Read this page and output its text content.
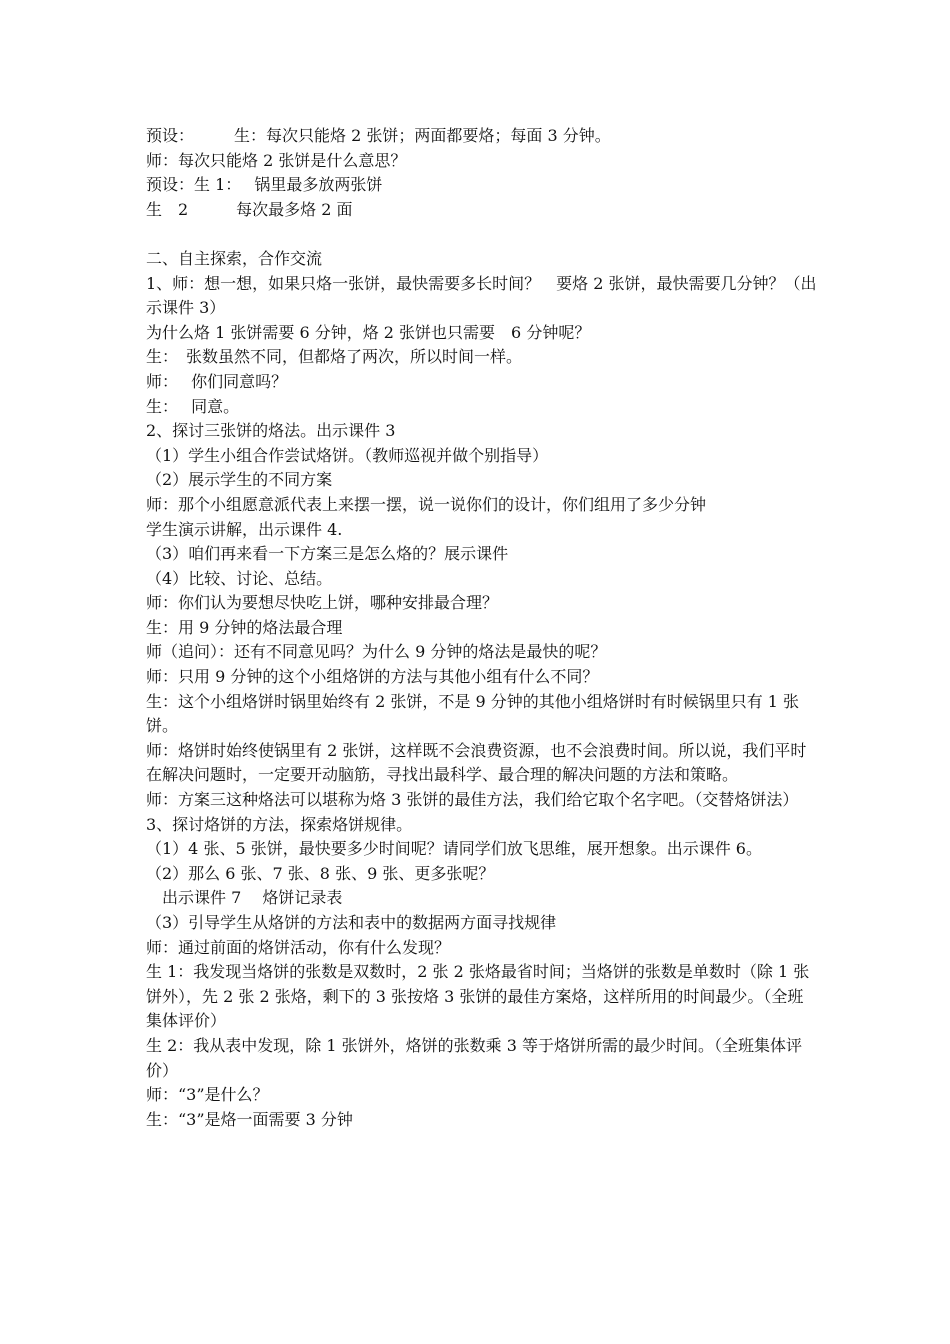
预设：　　　生：每次只能烙 2 张饼；两面都要烙；每面 3 分钟。
师：每次只能烙 2 张饼是什么意思？
预设：生 1：　 锅里最多放两张饼
生　2　　　每次最多烙 2 面
二、自主探索，合作交流
1、师：想一想，如果只烙一张饼，最快需要多长时间？　要烙 2 张饼，最快需要几分钟？（出示课件 3）
为什么烙 1 张饼需要 6 分钟，烙 2 张饼也只需要　6 分钟呢？
生：　张数虽然不同，但都烙了两次，所以时间一样。
师：　 你们同意吗？
生：　 同意。
2、探讨三张饼的烙法。出示课件 3
（1）学生小组合作尝试烙饼。（教师巡视并做个别指导）
（2）展示学生的不同方案
师：那个小组愿意派代表上来摆一摆，说一说你们的设计，你们组用了多少分钟
学生演示讲解，出示课件 4.
（3）咱们再来看一下方案三是怎么烙的？展示课件
（4）比较、讨论、总结。
师：你们认为要想尽快吃上饼，哪种安排最合理？
生：用 9 分钟的烙法最合理
师（追问）：还有不同意见吗？为什么 9 分钟的烙法是最快的呢？
师：只用 9 分钟的这个小组烙饼的方法与其他小组有什么不同？
生：这个小组烙饼时锅里始终有 2 张饼，不是 9 分钟的其他小组烙饼时有时候锅里只有 1 张饼。
师：烙饼时始终使锅里有 2 张饼，这样既不会浪费资源，也不会浪费时间。所以说，我们平时在解决问题时，一定要开动脑筋，寻找出最科学、最合理的解决问题的方法和策略。
师：方案三这种烙法可以堪称为烙 3 张饼的最佳方法，我们给它取个名字吧。（交替烙饼法）
3、探讨烙饼的方法，探索烙饼规律。
（1）4 张、5 张饼，最快要多少时间呢？请同学们放飞思维，展开想象。出示课件 6。
（2）那么 6 张、7 张、8 张、9 张、更多张呢？
　出示课件 7　 烙饼记录表
（3）引导学生从烙饼的方法和表中的数据两方面寻找规律
师：通过前面的烙饼活动，你有什么发现？
生 1：我发现当烙饼的张数是双数时，2 张 2 张烙最省时间；当烙饼的张数是单数时（除 1 张饼外），先 2 张 2 张烙，剩下的 3 张按烙 3 张饼的最佳方案烙，这样所用的时间最少。（全班集体评价）
生 2：我从表中发现，除 1 张饼外，烙饼的张数乘 3 等于烙饼所需的最少时间。（全班集体评价）
师：“3”是什么？
生：“3”是烙一面需要 3 分钟
